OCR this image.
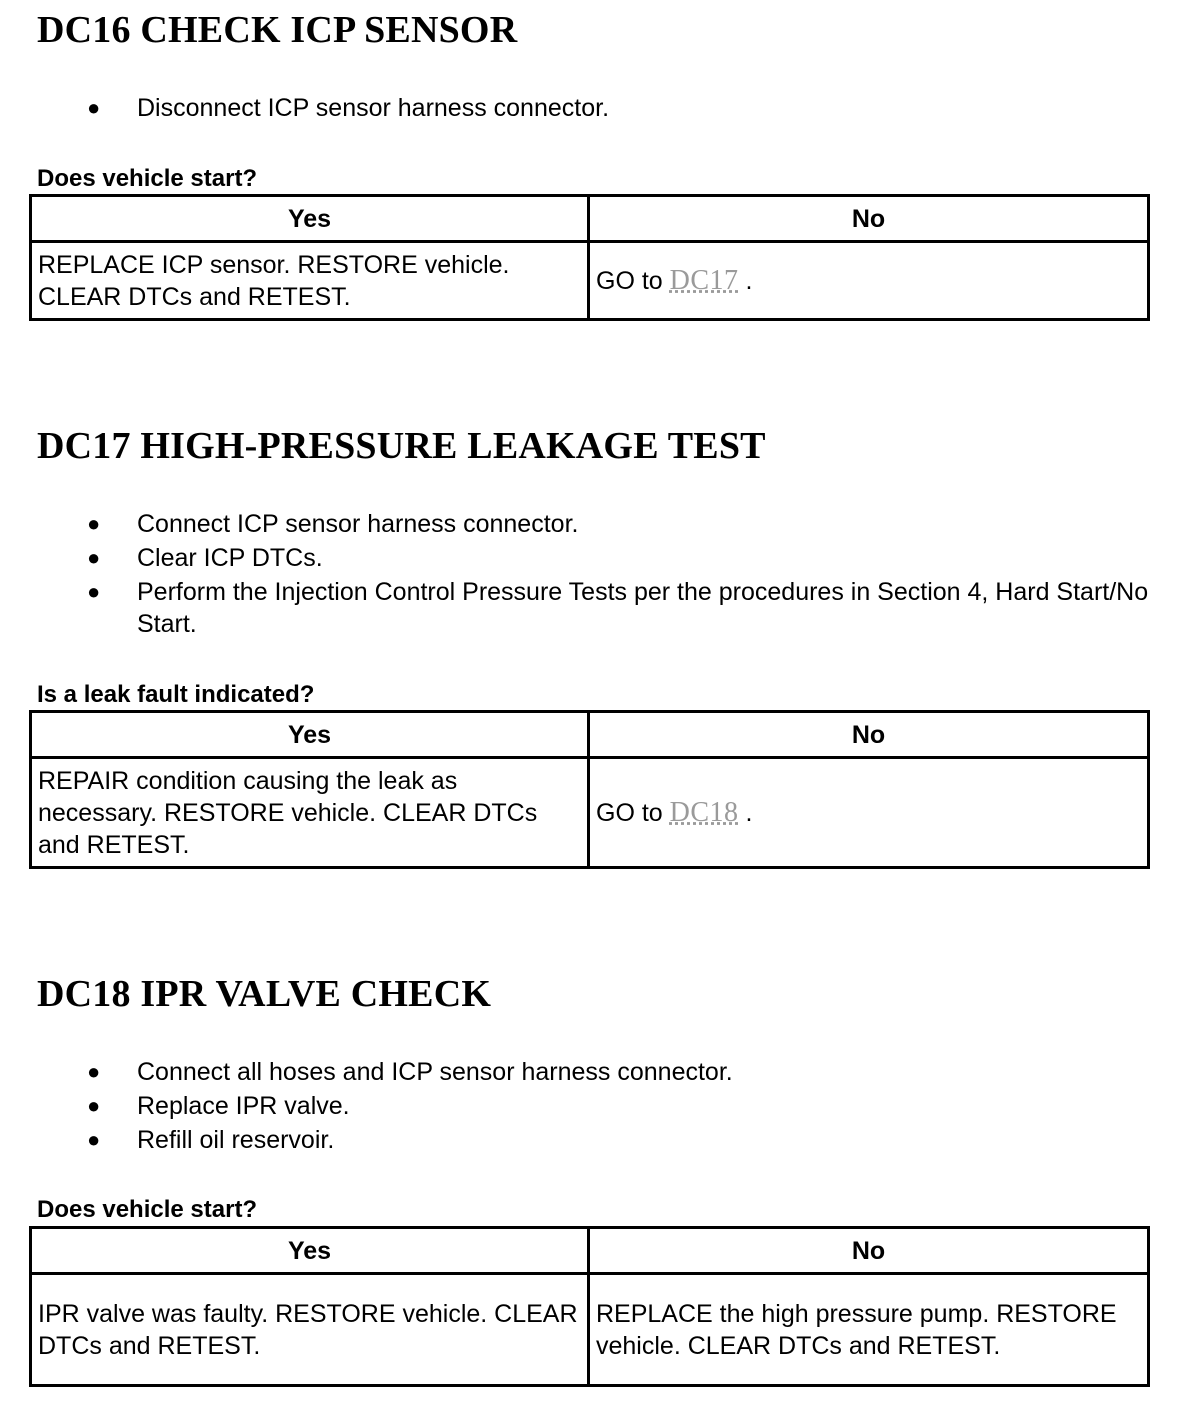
DC16 CHECK ICP SENSOR
● Disconnect ICP sensor harness connector.

Does vehicle start?

Yes	No
REPLACE ICP sensor. RESTORE vehicle. CLEAR DTCs and RETEST.	GO to DC17 .
DC17 HIGH-PRESSURE LEAKAGE TEST
● Connect ICP sensor harness connector.
● Clear ICP DTCs.
● Perform the Injection Control Pressure Tests per the procedures in Section 4, Hard Start/No Start.

Is a leak fault indicated?

Yes	No
REPAIR condition causing the leak as necessary. RESTORE vehicle. CLEAR DTCs and RETEST.	GO to DC18 .
DC18 IPR VALVE CHECK
● Connect all hoses and ICP sensor harness connector.
● Replace IPR valve.
● Refill oil reservoir.

Does vehicle start?

Yes	No
IPR valve was faulty. RESTORE vehicle. CLEAR DTCs and RETEST.	REPLACE the high pressure pump. RESTORE vehicle. CLEAR DTCs and RETEST.
